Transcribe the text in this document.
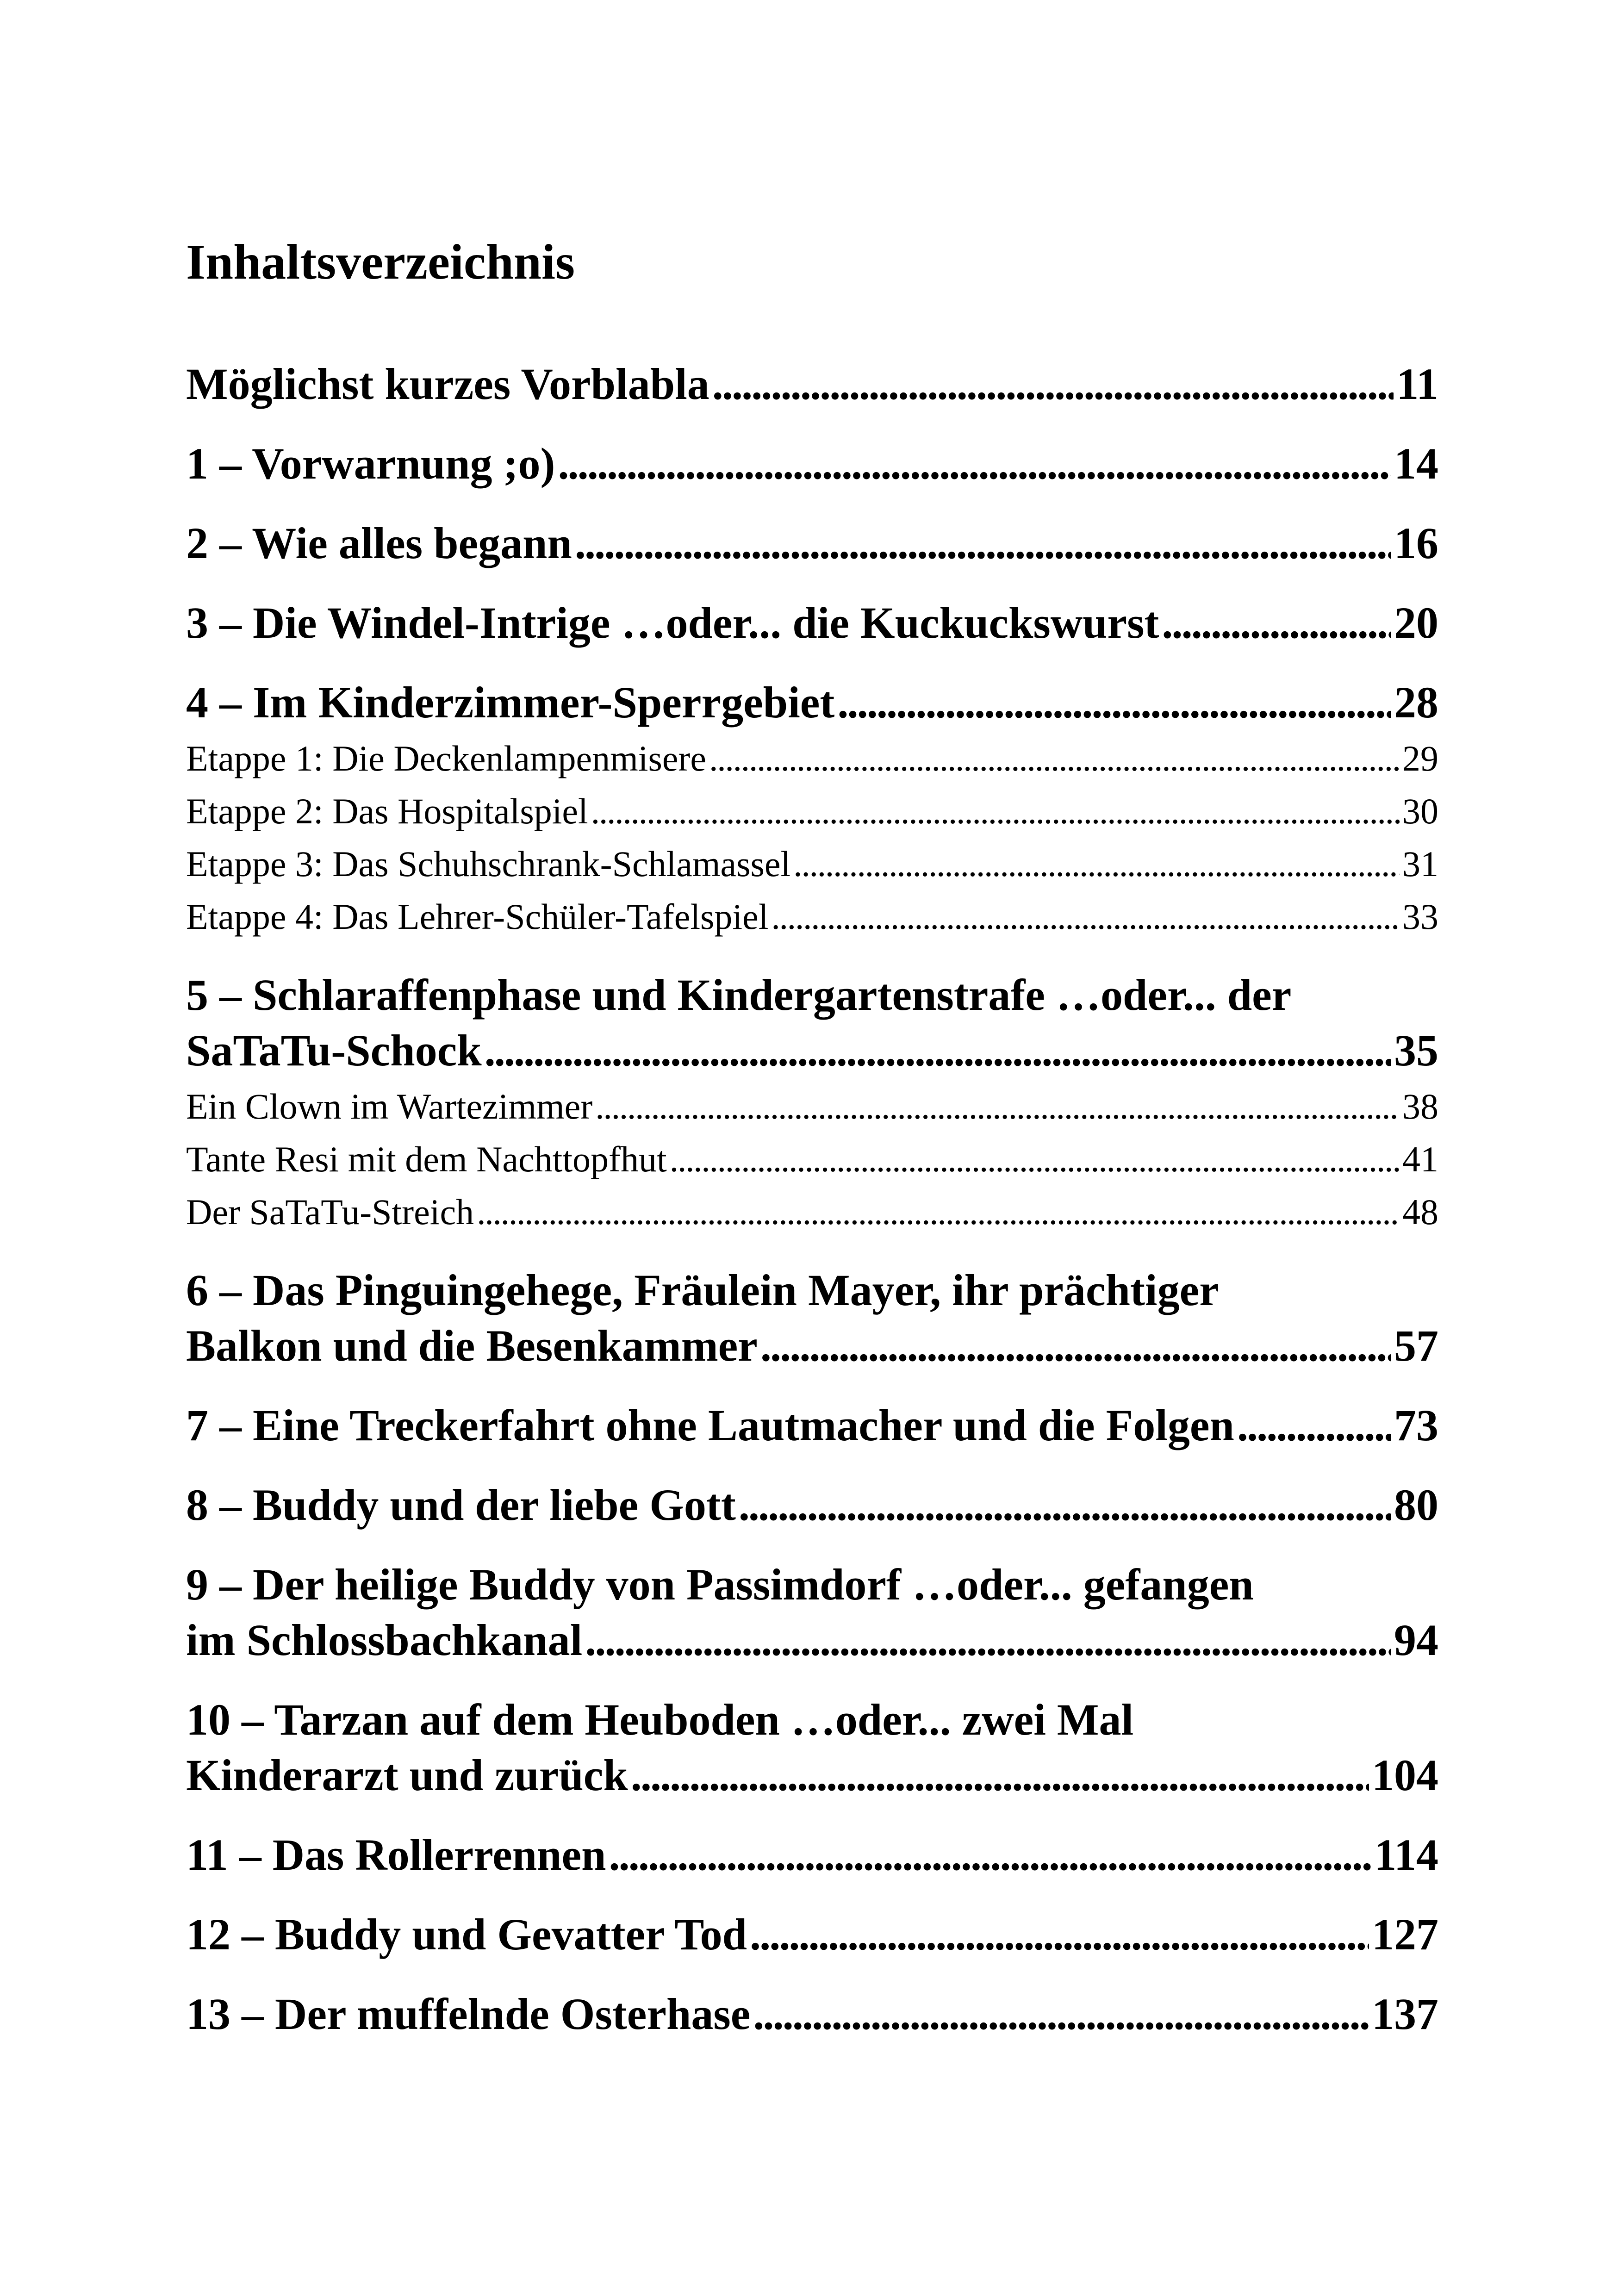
Inhaltsverzeichnis
Möglichst kurzes Vorblabla . . .	11
1 – Vorwarnung ;o) . . .	14
2 – Wie alles begann . . .	16
3 – Die Windel-Intrige …oder... die Kuckuckswurst . . .	20
4 – Im Kinderzimmer-Sperrgebiet . . .	28
Etappe 1: Die Deckenlampenmisere . . .	29
Etappe 2: Das Hospitalspiel . . .	30
Etappe 3: Das Schuhschrank-Schlamassel . . .	31
Etappe 4: Das Lehrer-Schüler-Tafelspiel . . .	33
5 – Schlaraffenphase und Kindergartenstrafe …oder... der
SaTaTu-Schock . . .	35
Ein Clown im Wartezimmer . . .	38
Tante Resi mit dem Nachttopfhut . . .	41
Der SaTaTu-Streich . . .	48
6 – Das Pinguingehege, Fräulein Mayer, ihr prächtiger
Balkon und die Besenkammer . . .	57
7 – Eine Treckerfahrt ohne Lautmacher und die Folgen . . .	73
8 – Buddy und der liebe Gott . . .	80
9 – Der heilige Buddy von Passimdorf …oder... gefangen
im Schlossbachkanal . . .	94
10 – Tarzan auf dem Heuboden …oder... zwei Mal
Kinderarzt und zurück . . .	104
11 – Das Rollerrennen . . .	114
12 – Buddy und Gevatter Tod . . .	127
13 – Der muffelnde Osterhase . . .	137
